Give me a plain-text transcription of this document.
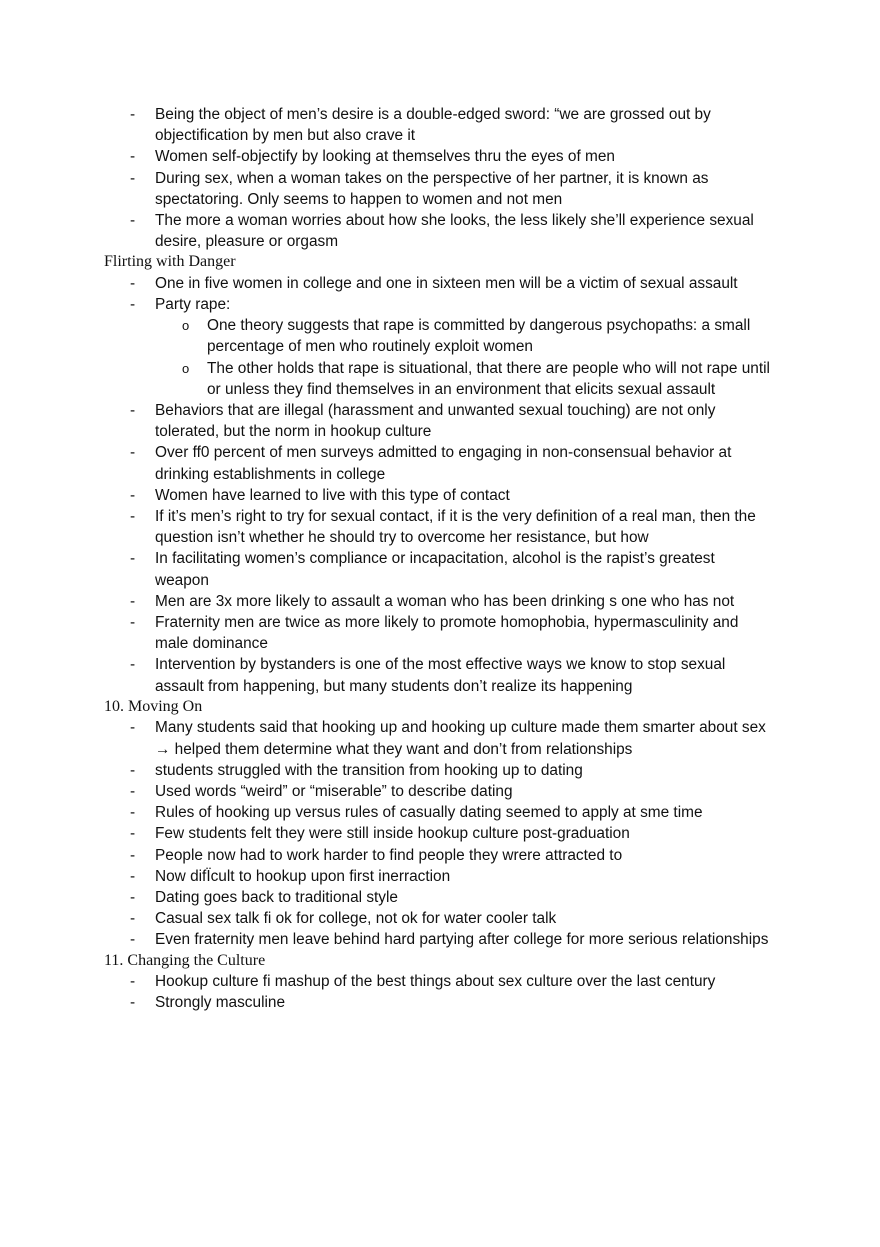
- Being the object of men’s desire is a double-edged sword: “we are grossed out by objectification by men but also crave it
- Women self-objectify by looking at themselves thru the eyes of men
- During sex, when a woman takes on the perspective of her partner, it is known as spectatoring. Only seems to happen to women and not men
- The more a woman worries about how she looks, the less likely she’ll experience sexual desire, pleasure or orgasm
Flirting with Danger
- One in five women in college and one in sixteen men will be a victim of sexual assault
- Party rape:
o One theory suggests that rape is committed by dangerous psychopaths: a small percentage of men who routinely exploit women
o The other holds that rape is situational, that there are people who will not rape until or unless they find themselves in an environment that elicits sexual assault
- Behaviors that are illegal (harassment and unwanted sexual touching) are not only tolerated, but the norm in hookup culture
- Over ff0 percent of men surveys admitted to engaging in non-consensual behavior at drinking establishments in college
- Women have learned to live with this type of contact
- If it’s men’s right to try for sexual contact, if it is the very definition of a real man, then the question isn’t whether he should try to overcome her resistance, but how
- In facilitating women’s compliance or incapacitation, alcohol is the rapist’s greatest weapon
- Men are 3x more likely to assault a woman who has been drinking s one who has not
- Fraternity men are twice as more likely to promote homophobia, hypermasculinity and male dominance
- Intervention by bystanders is one of the most effective ways we know to stop sexual assault from happening, but many students don’t realize its happening
10. Moving On
- Many students said that hooking up and hooking up culture made them smarter about sex → helped them determine what they want and don’t from relationships
- students struggled with the transition from hooking up to dating
- Used words “weird” or “miserable” to describe dating
- Rules of hooking up versus rules of casually dating seemed to apply at sme time
- Few students felt they were still inside hookup culture post-graduation
- People now had to work harder to find people they wrere attracted to
- Now difÏcult to hookup upon first inerraction
- Dating goes back to traditional style
- Casual sex talk fi ok for college, not ok for water cooler talk
- Even fraternity men leave behind hard partying after college for more serious relationships
11. Changing the Culture
- Hookup culture fi mashup of the best things about sex culture over the last century
- Strongly masculine
